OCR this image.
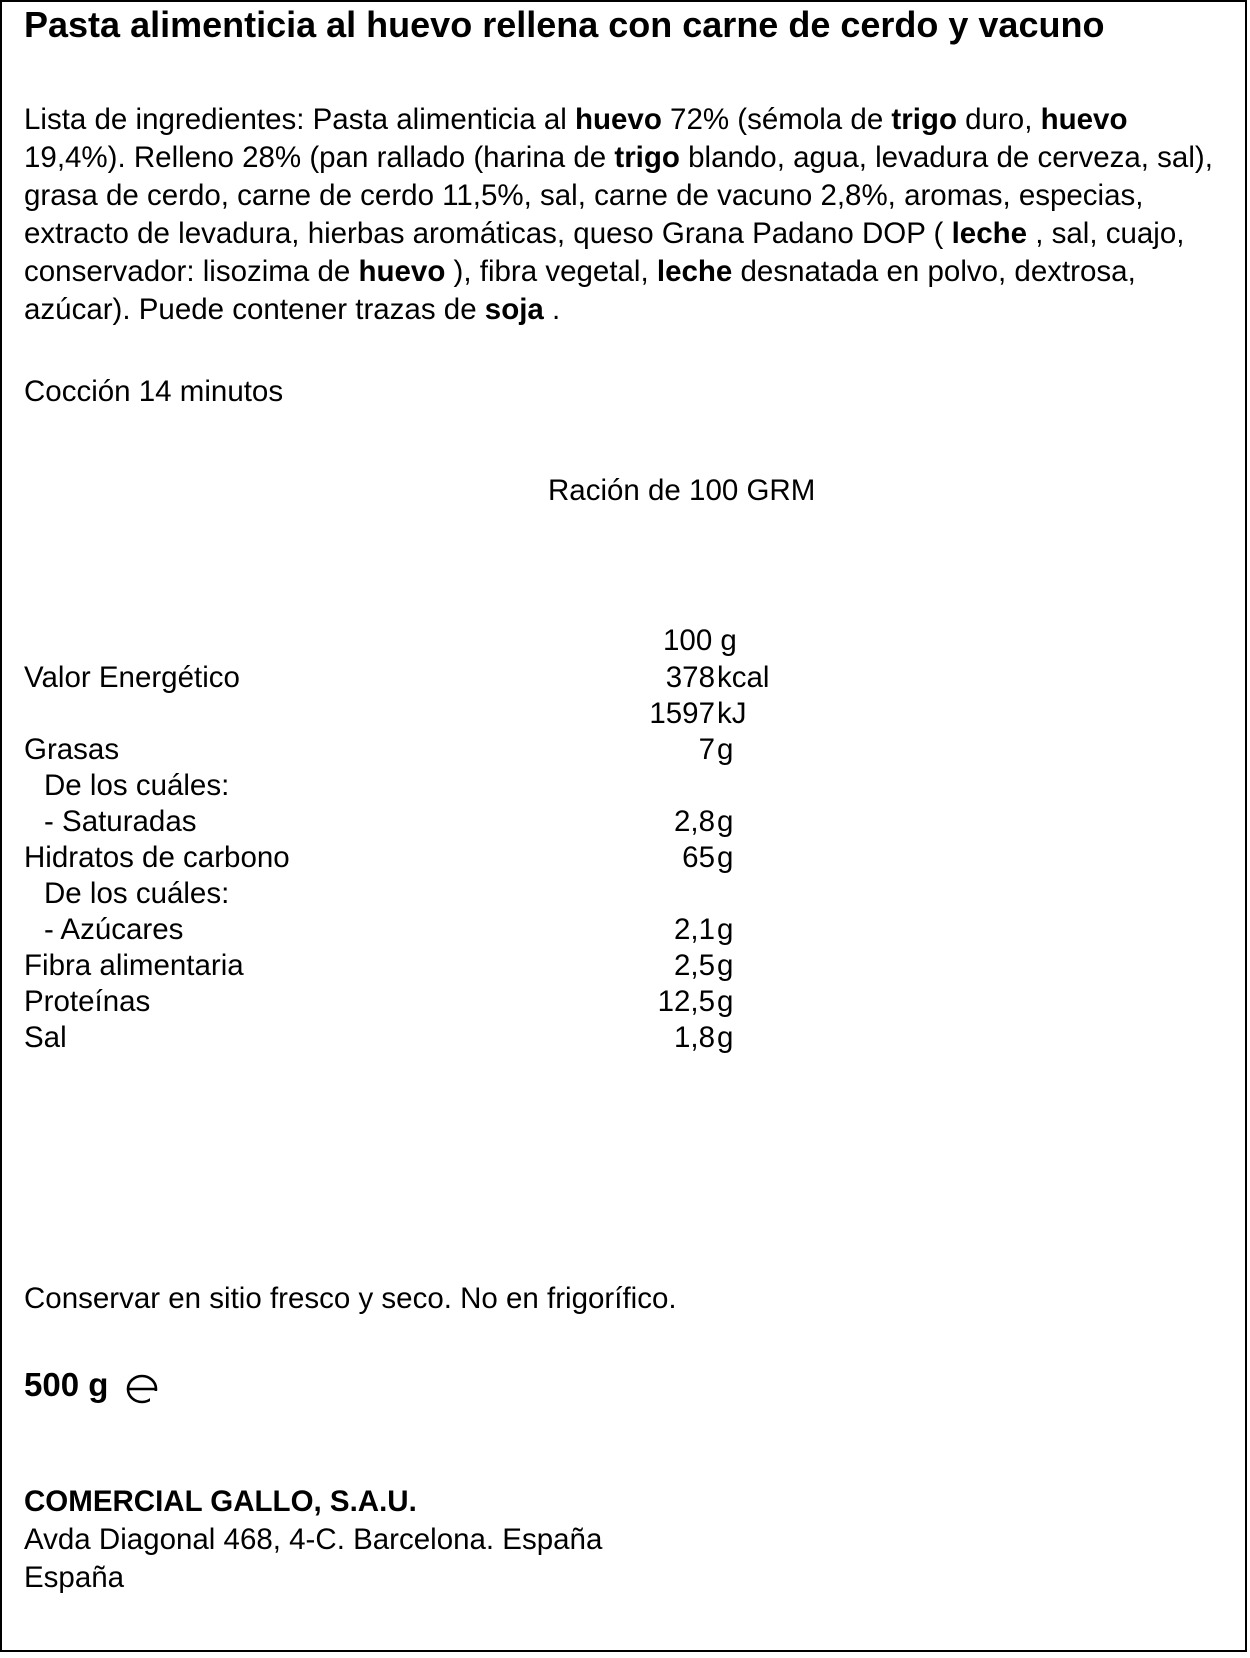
Pasta alimenticia al huevo rellena con carne de cerdo y vacuno
Lista de ingredientes: Pasta alimenticia al huevo 72% (sémola de trigo duro, huevo 19,4%). Relleno 28% (pan rallado (harina de trigo blando, agua, levadura de cerveza, sal), grasa de cerdo, carne de cerdo 11,5%, sal, carne de vacuno 2,8%, aromas, especias, extracto de levadura, hierbas aromáticas, queso Grana Padano DOP ( leche , sal, cuajo, conservador: lisozima de huevo ), fibra vegetal, leche desnatada en polvo, dextrosa, azúcar). Puede contener trazas de soja .
Cocción 14 minutos
Ración de 100 GRM
100 g
Valor Energético	378 kcal
1597 kJ
Grasas	7 g
De los cuáles:
- Saturadas	2,8 g
Hidratos de carbono	65 g
De los cuáles:
- Azúcares	2,1 g
Fibra alimentaria	2,5 g
Proteínas	12,5 g
Sal	1,8 g
Conservar en sitio fresco y seco. No en frigorífico.
500 g
COMERCIAL GALLO, S.A.U.
Avda Diagonal 468, 4-C. Barcelona. España
España
